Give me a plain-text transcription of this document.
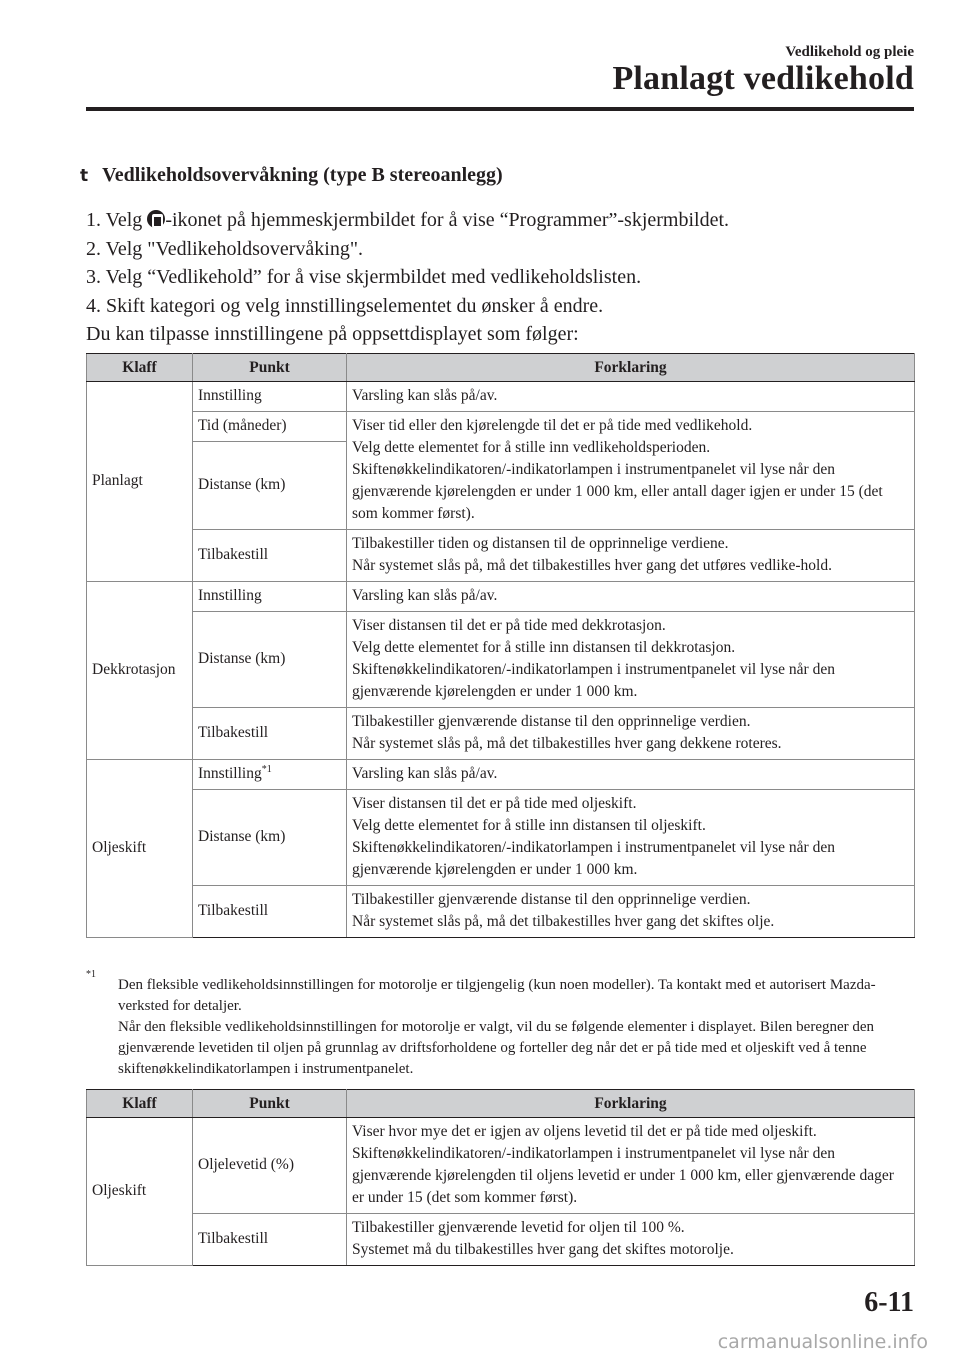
Vedlikehold og pleie
Planlagt vedlikehold
t Vedlikeholdsovervåkning (type B stereoanlegg)
1. Velg -ikonet på hjemmeskjermbildet for å vise “Programmer”-skjermbildet.
2. Velg "Vedlikeholdsovervåking".
3. Velg “Vedlikehold” for å vise skjermbildet med vedlikeholdslisten.
4. Skift kategori og velg innstillingselementet du ønsker å endre.
Du kan tilpasse innstillingene på oppsettdisplayet som følger:
Klaff	Punkt	Forklaring
Planlagt	Innstilling	Varsling kan slås på/av.
	Tid (måneder)	Viser tid eller den kjørelengde til det er på tide med vedlikehold.
Velg dette elementet for å stille inn vedlikeholdsperioden.
Skiftenøkkelindikatoren/-indikatorlampen i instrumentpanelet vil lyse når den gjenværende kjørelengden er under 1 000 km, eller antall dager igjen er under 15 (det som kommer først).
	Distanse (km)	
	Tilbakestill	Tilbakestiller tiden og distansen til de opprinnelige verdiene.
Når systemet slås på, må det tilbakestilles hver gang det utføres vedlike-hold.
Dekkrotasjon	Innstilling	Varsling kan slås på/av.
	Distanse (km)	Viser distansen til det er på tide med dekkrotasjon.
Velg dette elementet for å stille inn distansen til dekkrotasjon.
Skiftenøkkelindikatoren/-indikatorlampen i instrumentpanelet vil lyse når den gjenværende kjørelengden er under 1 000 km.
	Tilbakestill	Tilbakestiller gjenværende distanse til den opprinnelige verdien.
Når systemet slås på, må det tilbakestilles hver gang dekkene roteres.
Oljeskift	Innstilling$^{*1}$	Varsling kan slås på/av.
	Distanse (km)	Viser distansen til det er på tide med oljeskift.
Velg dette elementet for å stille inn distansen til oljeskift.
Skiftenøkkelindikatoren/-indikatorlampen i instrumentpanelet vil lyse når den gjenværende kjørelengden er under 1 000 km.
	Tilbakestill	Tilbakestiller gjenværende distanse til den opprinnelige verdien.
Når systemet slås på, må det tilbakestilles hver gang det skiftes olje.
*1
Den fleksible vedlikeholdsinnstillingen for motorolje er tilgjengelig (kun noen modeller). Ta kontakt med et autorisert Mazda-verksted for detaljer.
Når den fleksible vedlikeholdsinnstillingen for motorolje er valgt, vil du se følgende elementer i displayet. Bilen beregner den gjenværende levetiden til oljen på grunnlag av driftsforholdene og forteller deg når det er på tide med et oljeskift ved å tenne skiftenøkkelindikatorlampen i instrumentpanelet.
Klaff	Punkt	Forklaring
Oljeskift	Oljelevetid (%)	Viser hvor mye det er igjen av oljens levetid til det er på tide med oljeskift.
Skiftenøkkelindikatoren/-indikatorlampen i instrumentpanelet vil lyse når den gjenværende kjørelengden til oljens levetid er under 1 000 km, eller gjenværende dager er under 15 (det som kommer først).
	Tilbakestill	Tilbakestiller gjenværende levetid for oljen til 100 %.
Systemet må du tilbakestilles hver gang det skiftes motorolje.
6-11
carmanualsonline.info
